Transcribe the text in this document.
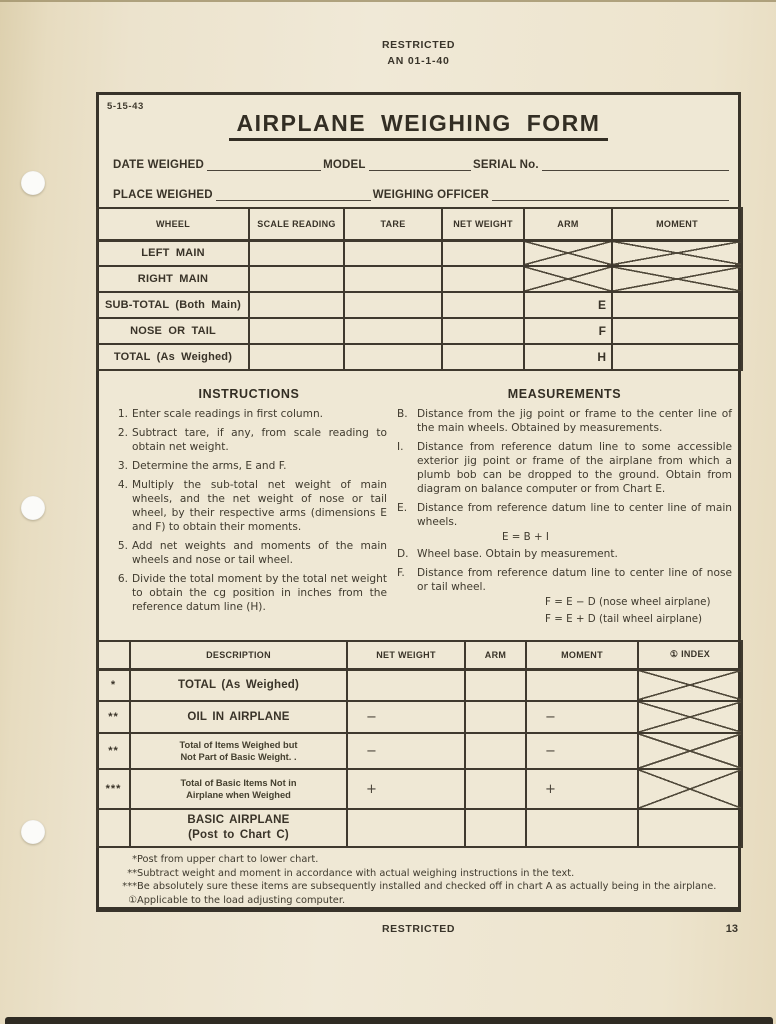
RESTRICTED
AN 01-1-40
5-15-43
AIRPLANE WEIGHING FORM
DATE WEIGHED	MODEL	SERIAL No.
PLACE WEIGHED	WEIGHING OFFICER
WHEEL	SCALE READING	TARE	NET WEIGHT	ARM	MOMENT
LEFT MAIN					
RIGHT MAIN					
SUB-TOTAL (Both Main)				E	
NOSE OR TAIL				F	
TOTAL (As Weighed)				H	
INSTRUCTIONS
1. Enter scale readings in first column.
2. Subtract tare, if any, from scale reading to obtain net weight.
3. Determine the arms, E and F.
4. Multiply the sub-total net weight of main wheels, and the net weight of nose or tail wheel, by their respective arms (dimensions E and F) to obtain their moments.
5. Add net weights and moments of the main wheels and nose or tail wheel.
6. Divide the total moment by the total net weight to obtain the cg position in inches from the reference datum line (H).
MEASUREMENTS
B. Distance from the jig point or frame to the center line of the main wheels. Obtained by measurements.
I.	Distance from reference datum line to some accessible exterior jig point or frame of the airplane from which a plumb bob can be dropped to the ground. Obtain from diagram on balance computer or from Chart E.
E. Distance from reference datum line to center line of main wheels.
E = B + I
D. Wheel base. Obtain by measurement.
F.	Distance from reference datum line to center line of nose or tail wheel.
F = E − D (nose wheel airplane)
F = E + D (tail wheel airplane)
	DESCRIPTION	NET WEIGHT	ARM	MOMENT	① INDEX
*	TOTAL (As Weighed)				
**	OIL IN AIRPLANE	−		−	
**	Total of Items Weighed but
Not Part of Basic Weight. .	−		−	
***	Total of Basic Items Not in
Airplane when Weighed	+		+	

	BASIC AIRPLANE
(Post to Chart C)				

* Post from upper chart to lower chart.
** Subtract weight and moment in accordance with actual weighing instructions in the text.
*** Be absolutely sure these items are subsequently installed and checked off in chart A as actually being in the airplane.
① Applicable to the load adjusting computer.
RESTRICTED	13
